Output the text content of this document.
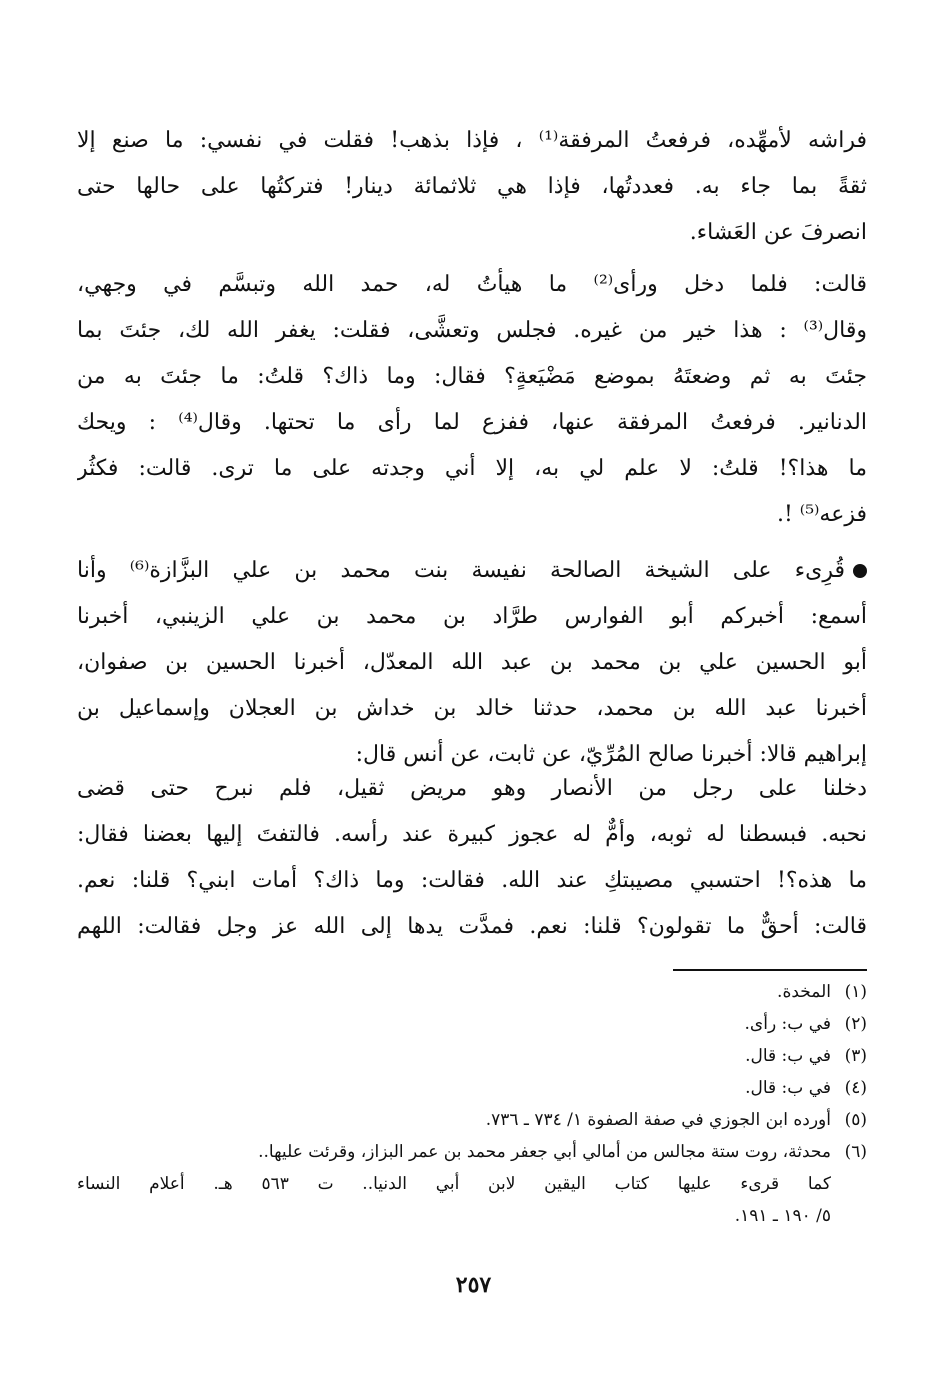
فراشه لأمهِّده، فرفعتُ المرفقة⁽¹⁾ ، فإذا بذهب! فقلت في نفسي: ما صنع إلا
ثقةً بما جاء به. فعددتُها، فإذا هي ثلاثمائة دينار! فتركتُها على حالها حتى
انصرفَ عن العَشاء.
قالت: فلما دخل ورأى⁽²⁾ ما هيأتُ له، حمد الله وتبسَّم في وجهي،
وقال⁽³⁾ : هذا خير من غيره. فجلس وتعشَّى، فقلت: يغفر الله لك، جئتَ بما
جئتَ به ثم وضعتَهُ بموضع مَضْيَعةٍ؟ فقال: وما ذاك؟ قلتُ: ما جئتَ به من
الدنانير. فرفعتُ المرفقة عنها، ففزع لما رأى ما تحتها. وقال⁽⁴⁾ : ويحك
ما هذا؟! قلتُ: لا علم لي به، إلا أني وجدته على ما ترى. قالت: فكثُر
فزعه⁽⁵⁾ !.
قُرِىء على الشيخة الصالحة نفيسة بنت محمد بن علي البزَّازة⁽⁶⁾ وأنا
أسمع: أخبركم أبو الفوارس طرَّاد بن محمد بن علي الزينبي، أخبرنا
أبو الحسين علي بن محمد بن عبد الله المعدّل، أخبرنا الحسين بن صفوان،
أخبرنا عبد الله بن محمد، حدثنا خالد بن خداش بن العجلان وإسماعيل بن
إبراهيم قالا: أخبرنا صالح المُرِّيّ، عن ثابت، عن أنس قال:
دخلنا على رجل من الأنصار وهو مريض ثقيل، فلم نبرح حتى قضى
نحبه. فبسطنا له ثوبه، وأمٌّ له عجوز كبيرة عند رأسه. فالتفتَ إليها بعضنا فقال:
ما هذه؟! احتسبي مصيبتكِ عند الله. فقالت: وما ذاك؟ أمات ابني؟ قلنا: نعم.
قالت: أحقٌّ ما تقولون؟ قلنا: نعم. فمدَّت يدها إلى الله عز وجل فقالت: اللهم
(١)المخدة.
(٢)في ب: رأى.
(٣)في ب: قال.
(٤)في ب: قال.
(٥)أورده ابن الجوزي في صفة الصفوة ١/ ٧٣٤ ـ ٧٣٦.
(٦)محدثة، روت ستة مجالس من أمالي أبي جعفر محمد بن عمر البزاز، وقرئت عليها..
كما قرىء عليها كتاب اليقين لابن أبي الدنيا.. ت ٥٦٣ هـ. أعلام النساء
٥/ ١٩٠ ـ ١٩١.
٢٥٧
